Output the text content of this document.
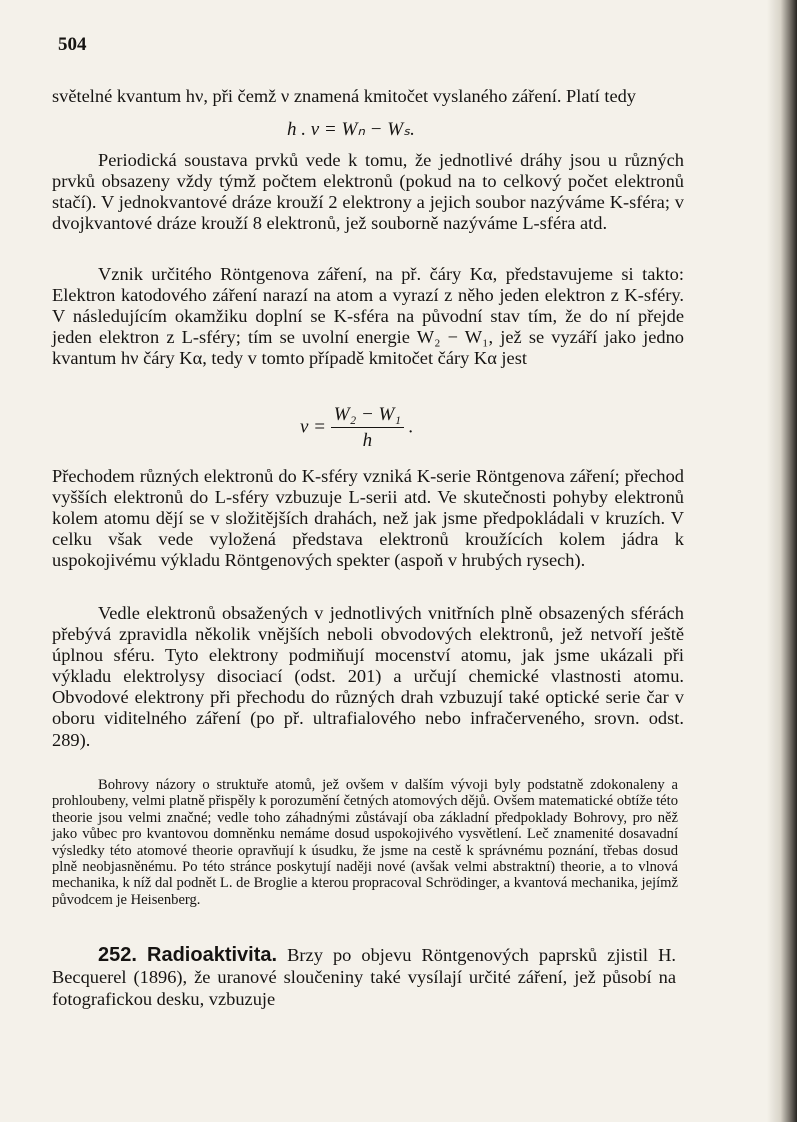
504

světelné kvantum hν, při čemž ν znamená kmitočet vyslaného záření. Platí tedy

h . ν = Wₙ − Wₛ.

Periodická soustava prvků vede k tomu, že jednotlivé dráhy jsou u různých prvků obsazeny vždy týmž počtem elektronů (pokud na to celkový počet elektronů stačí). V jednokvantové dráze krouží 2 elektrony a jejich soubor nazýváme K-sféra; v dvojkvantové dráze krouží 8 elektronů, jež souborně nazýváme L-sféra atd.

Vznik určitého Röntgenova záření, na př. čáry Kα, představujeme si takto: Elektron katodového záření narazí na atom a vyrazí z něho jeden elektron z K-sféry. V následujícím okamžiku doplní se K-sféra na původní stav tím, že do ní přejde jeden elektron z L-sféry; tím se uvolní energie W₂ − W₁, jež se vyzáří jako jedno kvantum hν čáry Kα, tedy v tomto případě kmitočet čáry Kα jest

$\nu = \frac{\text{W₂ − W₁}}{h}$ .

Přechodem různých elektronů do K-sféry vzniká K-serie Röntgenova záření; přechod vyšších elektronů do L-sféry vzbuzuje L-serii atd. Ve skutečnosti pohyby elektronů kolem atomu dějí se v složitějších drahách, než jak jsme předpokládali v kruzích. V celku však vede vyložená představa elektronů kroužících kolem jádra k uspokojivému výkladu Röntgenových spekter (aspoň v hrubých rysech).

Vedle elektronů obsažených v jednotlivých vnitřních plně obsazených sférách přebývá zpravidla několik vnějších neboli obvodových elektronů, jež netvoří ještě úplnou sféru. Tyto elektrony podmiňují mocenství atomu, jak jsme ukázali při výkladu elektrolysy disociací (odst. 201) a určují chemické vlastnosti atomu. Obvodové elektrony při přechodu do různých drah vzbuzují také optické serie čar v oboru viditelného záření (po př. ultrafialového nebo infračerveného, srovn. odst. 289).

Bohrovy názory o struktuře atomů, jež ovšem v dalším vývoji byly podstatně zdokonaleny a prohloubeny, velmi platně přispěly k porozumění četných atomových dějů. Ovšem matematické obtíže této theorie jsou velmi značné; vedle toho záhadnými zůstávají oba základní předpoklady Bohrovy, pro něž jako vůbec pro kvantovou domněnku nemáme dosud uspokojivého vysvětlení. Leč znamenité dosavadní výsledky této atomové theorie opravňují k úsudku, že jsme na cestě k správnému poznání, třebas dosud plně neobjasněnému. Po této stránce poskytují naději nové (avšak velmi abstraktní) theorie, a to vlnová mechanika, k níž dal podnět L. de Broglie a kterou propracoval Schrödinger, a kvantová mechanika, jejímž původcem je Heisenberg.

252. Radioaktivita. Brzy po objevu Röntgenových paprsků zjistil H. Becquerel (1896), že uranové sloučeniny také vysílají určité záření, jež působí na fotografickou desku, vzbuzuje
